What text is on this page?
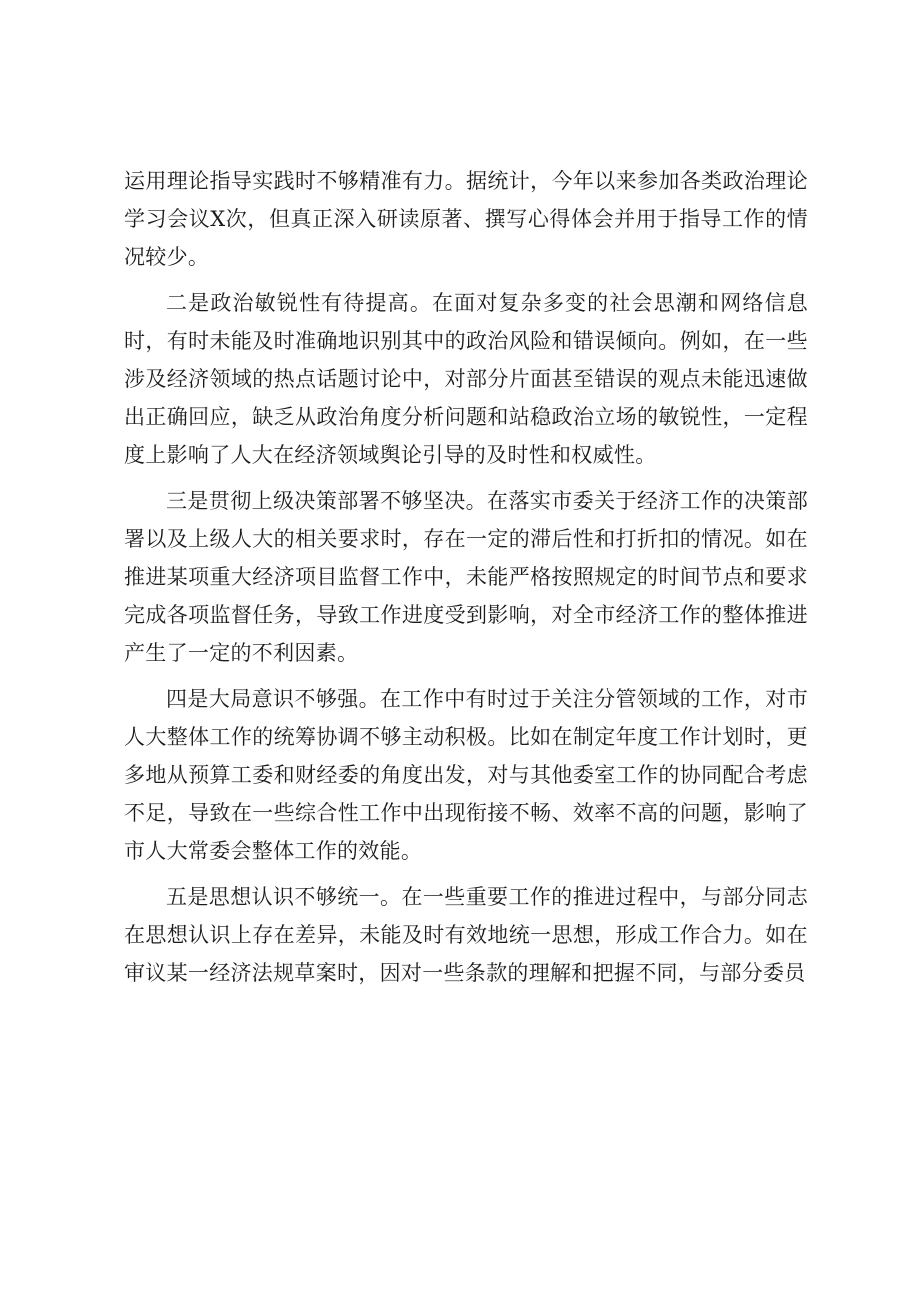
运用理论指导实践时不够精准有力。据统计，今年以来参加各类政治理论学习会议X次，但真正深入研读原著、撰写心得体会并用于指导工作的情况较少。

二是政治敏锐性有待提高。在面对复杂多变的社会思潮和网络信息时，有时未能及时准确地识别其中的政治风险和错误倾向。例如，在一些涉及经济领域的热点话题讨论中，对部分片面甚至错误的观点未能迅速做出正确回应，缺乏从政治角度分析问题和站稳政治立场的敏锐性，一定程度上影响了人大在经济领域舆论引导的及时性和权威性。

三是贯彻上级决策部署不够坚决。在落实市委关于经济工作的决策部署以及上级人大的相关要求时，存在一定的滞后性和打折扣的情况。如在推进某项重大经济项目监督工作中，未能严格按照规定的时间节点和要求完成各项监督任务，导致工作进度受到影响，对全市经济工作的整体推进产生了一定的不利因素。

四是大局意识不够强。在工作中有时过于关注分管领域的工作，对市人大整体工作的统筹协调不够主动积极。比如在制定年度工作计划时，更多地从预算工委和财经委的角度出发，对与其他委室工作的协同配合考虑不足，导致在一些综合性工作中出现衔接不畅、效率不高的问题，影响了市人大常委会整体工作的效能。

五是思想认识不够统一。在一些重要工作的推进过程中，与部分同志在思想认识上存在差异，未能及时有效地统一思想，形成工作合力。如在审议某一经济法规草案时，因对一些条款的理解和把握不同，与部分委员
